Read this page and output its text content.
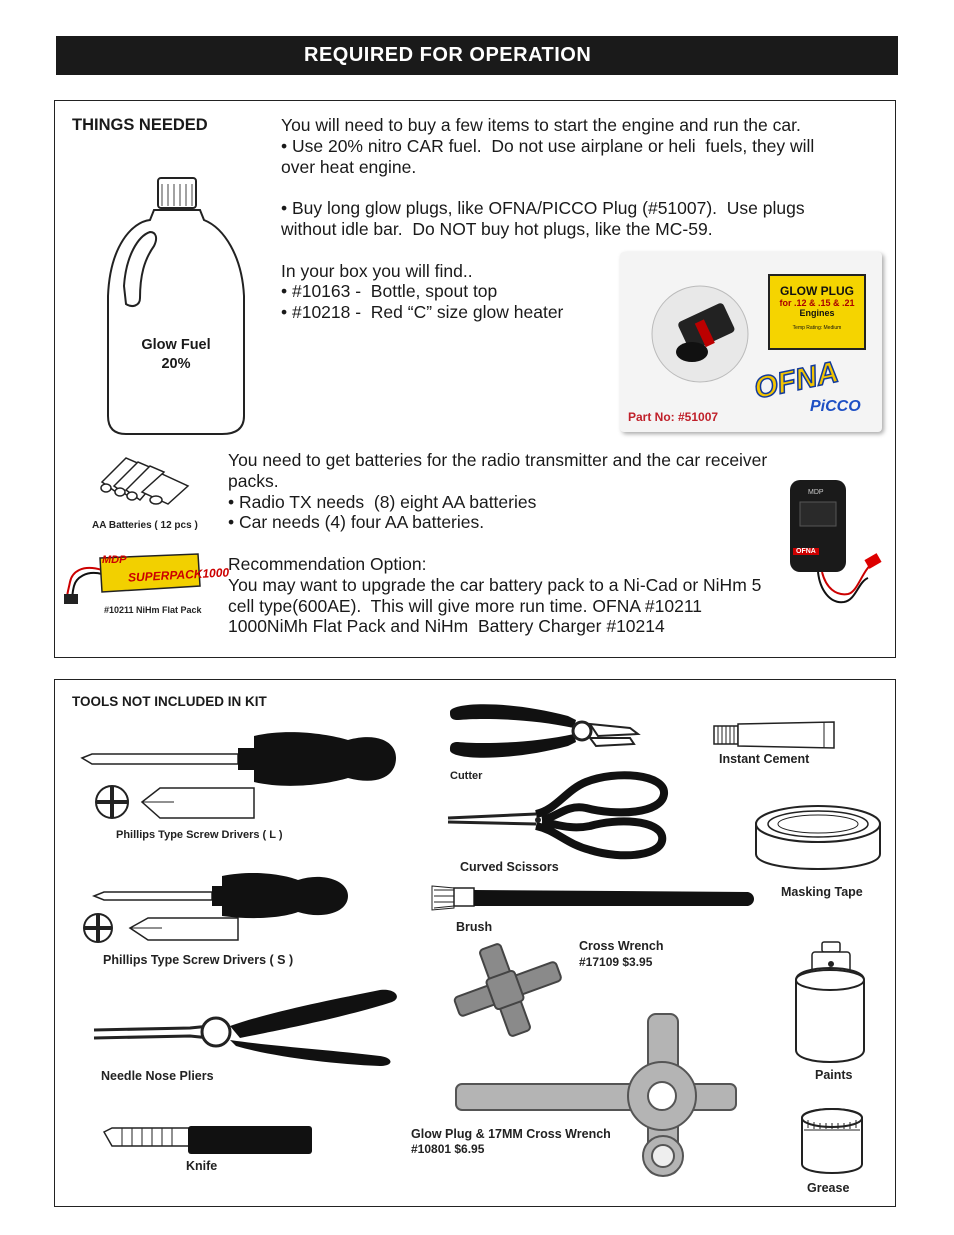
REQUIRED FOR OPERATION
THINGS NEEDED	You will need to buy a few items to start the engine and run the car.
• Use 20% nitro CAR fuel.  Do not use airplane or heli  fuels, they will
over heat engine.
• Buy long glow plugs, like OFNA/PICCO Plug (#51007).  Use plugs
without idle bar.  Do NOT buy hot plugs, like the MC-59.
In your box you will find..
• #10163 -  Bottle, spout top
• #10218 -  Red “C” size glow heater
Glow Fuel
20%
GLOW PLUG
for .12 & .15 & .21
Engines
Temp Rating: Medium
OFNA
PiCCO
Part No: #51007
AA Batteries ( 12 pcs )
MDP
SUPERPACK1000
#10211 NiHm Flat Pack
You need to get batteries for the radio transmitter and the car receiver
packs.
• Radio TX needs  (8) eight AA batteries
• Car needs (4) four AA batteries.
Recommendation Option:
You may want to upgrade the car battery pack to a Ni-Cad or NiHm 5
cell type(600AE).  This will give more run time. OFNA #10211
1000NiMh Flat Pack and NiHm  Battery Charger #10214
MDP
OFNA
TOOLS NOT INCLUDED IN KIT
Phillips Type Screw Drivers ( L )
Phillips Type Screw Drivers ( S )
Needle Nose Pliers
Knife
Cutter
Curved Scissors
Brush
Cross Wrench
#17109 $3.95
Glow Plug & 17MM Cross Wrench
#10801 $6.95
Instant Cement
Masking Tape
Paints
Grease
